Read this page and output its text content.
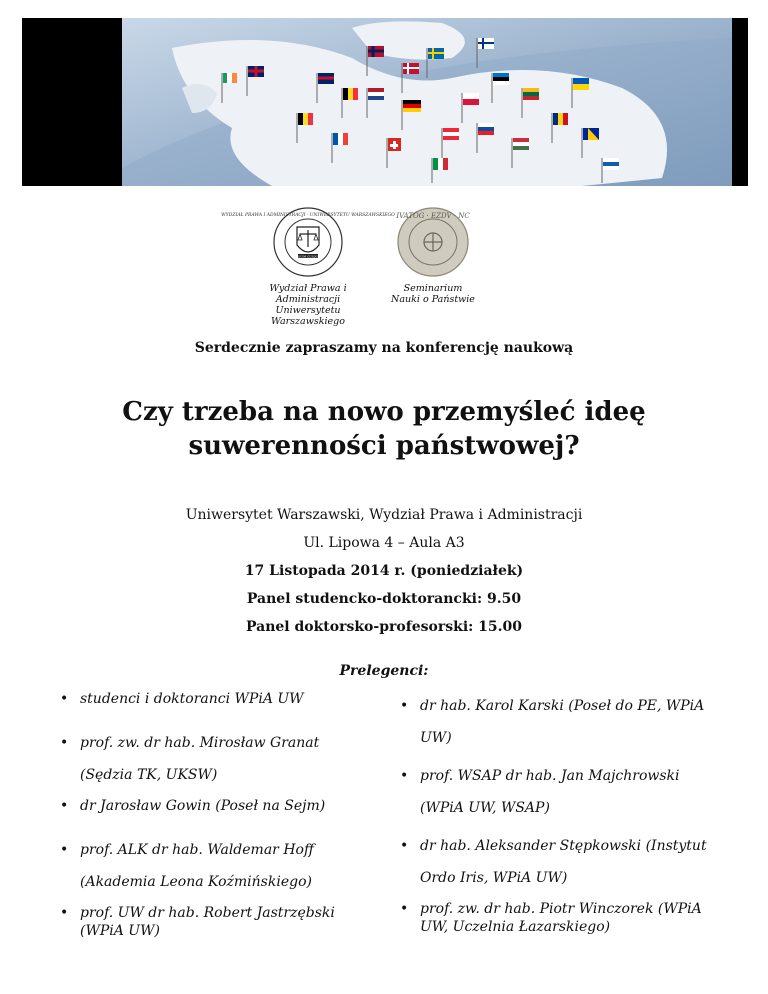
WYDZIAŁ PRAWA I ADMINISTRACJI · UNIWERSYTETU WARSZAWSKIEGO
SUUM CUIQUE
Wydział Prawa i Administracji
Uniwersytetu Warszawskiego
IVATOG · EZDV · NC
Seminarium
Nauki o Państwie
Serdecznie zapraszamy na konferencję naukową
Czy trzeba na nowo przemyśleć ideę
suwerenności państwowej?
Uniwersytet Warszawski, Wydział Prawa i Administracji
Ul. Lipowa 4 – Aula A3
17 Listopada 2014 r. (poniedziałek)
Panel studencko-doktorancki: 9.50
Panel doktorsko-profesorski: 15.00
Prelegenci:
• studenci i doktoranci WPiA UW
• prof. zw. dr hab. Mirosław Granat (Sędzia TK, UKSW)
• dr Jarosław Gowin (Poseł na Sejm)
• prof. ALK dr hab. Waldemar Hoff (Akademia Leona Koźmińskiego)
• prof. UW dr hab. Robert Jastrzębski (WPiA UW)
• dr hab. Karol Karski (Poseł do PE, WPiA UW)
• prof. WSAP dr hab. Jan Majchrowski (WPiA UW, WSAP)
• dr hab. Aleksander Stępkowski (Instytut Ordo Iris, WPiA UW)
• prof. zw. dr hab. Piotr Winczorek (WPiA UW, Uczelnia Łazarskiego)
